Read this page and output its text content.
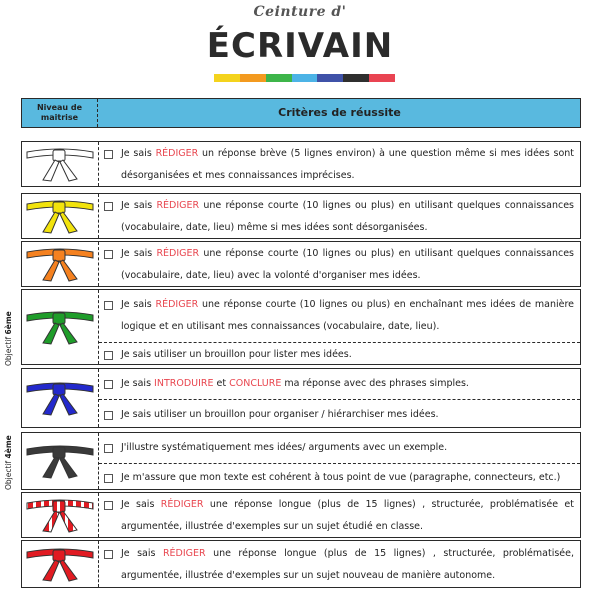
Ceinture d'
ÉCRIVAIN
Niveau de maitrise	Critères de réussite
Je sais RÉDIGER un réponse brève (5 lignes environ) à une question même si mes idées sont désorganisées et mes connaissances imprécises.
Je sais RÉDIGER une réponse courte (10 lignes ou plus) en utilisant quelques connaissances (vocabulaire, date, lieu) même si mes idées sont désorganisées.
Je sais RÉDIGER une réponse courte (10 lignes ou plus) en utilisant quelques connaissances (vocabulaire, date, lieu) avec la volonté d'organiser mes idées.
Je sais RÉDIGER une réponse courte (10 lignes ou plus) en enchaînant mes idées de manière logique et en utilisant mes connaissances (vocabulaire, date, lieu).
Je sais utiliser un brouillon pour lister mes idées.
Je sais INTRODUIRE et CONCLURE ma réponse avec des phrases simples.
Je sais utiliser un brouillon pour organiser / hiérarchiser mes idées.
J'illustre systématiquement mes idées/ arguments avec un exemple.
Je m'assure que mon texte est cohérent à tous point de vue (paragraphe, connecteurs, etc.)
Je sais RÉDIGER une réponse longue (plus de 15 lignes) , structurée, problématisée et argumentée, illustrée d'exemples sur un sujet étudié en classe.
Je sais RÉDIGER une réponse longue (plus de 15 lignes) , structurée, problématisée, argumentée, illustrée d'exemples sur un sujet nouveau de manière autonome.
Objectif 6ème
Objectif 4ème
